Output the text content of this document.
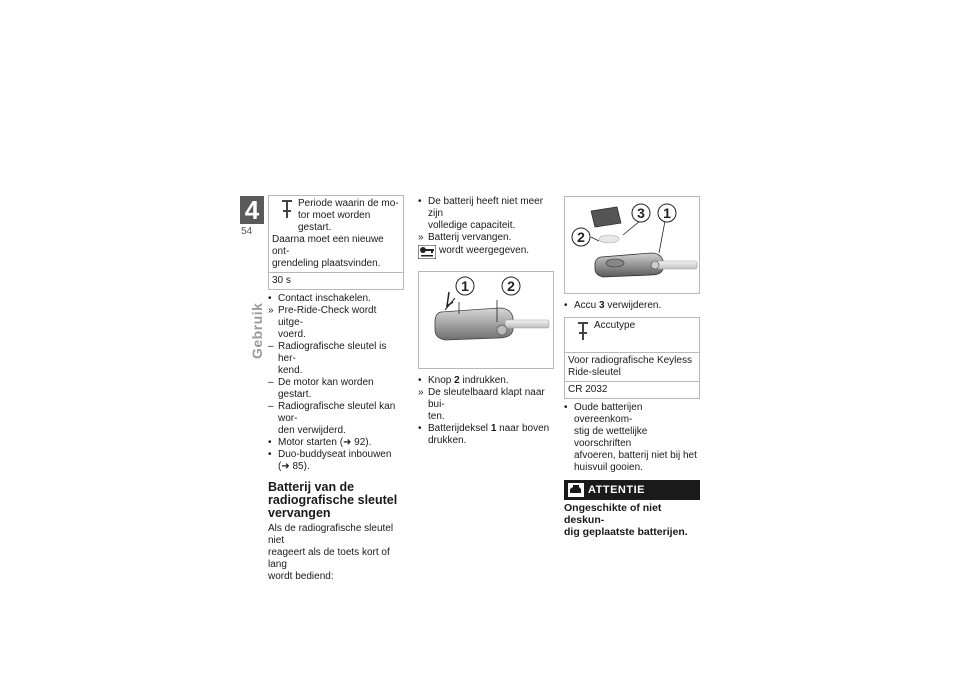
4
54
Gebruik
Periode waarin de mo-
tor moet worden gestart.
Daarna moet een nieuwe ont-
grendeling plaatsvinden.
30 s
• Contact inschakelen.
» Pre-Ride-Check wordt uitge-
voerd.
– Radiografische sleutel is her-
kend.
– De motor kan worden gestart.
– Radiografische sleutel kan wor-
den verwijderd.
• Motor starten (➜ 92).
• Duo-buddyseat inbouwen
(➜ 85).
Batterij van de
radiografische sleutel
vervangen

Als de radiografische sleutel niet
reageert als de toets kort of lang
wordt bediend:

• De batterij heeft niet meer zijn
volledige capaciteit.
» Batterij vervangen.
wordt weergegeven.
1	2
• Knop 2 indrukken.
» De sleutelbaard klapt naar bui-
ten.
• Batterijdeksel 1 naar boven
drukken.
3 1
2
• Accu 3 verwijderen.
Accutype
Voor radiografische Keyless
Ride-sleutel
CR 2032
• Oude batterijen overeenkom-
stig de wettelijke voorschriften
afvoeren, batterij niet bij het
huisvuil gooien.
ATTENTIE
Ongeschikte of niet deskun-
dig geplaatste batterijen.
